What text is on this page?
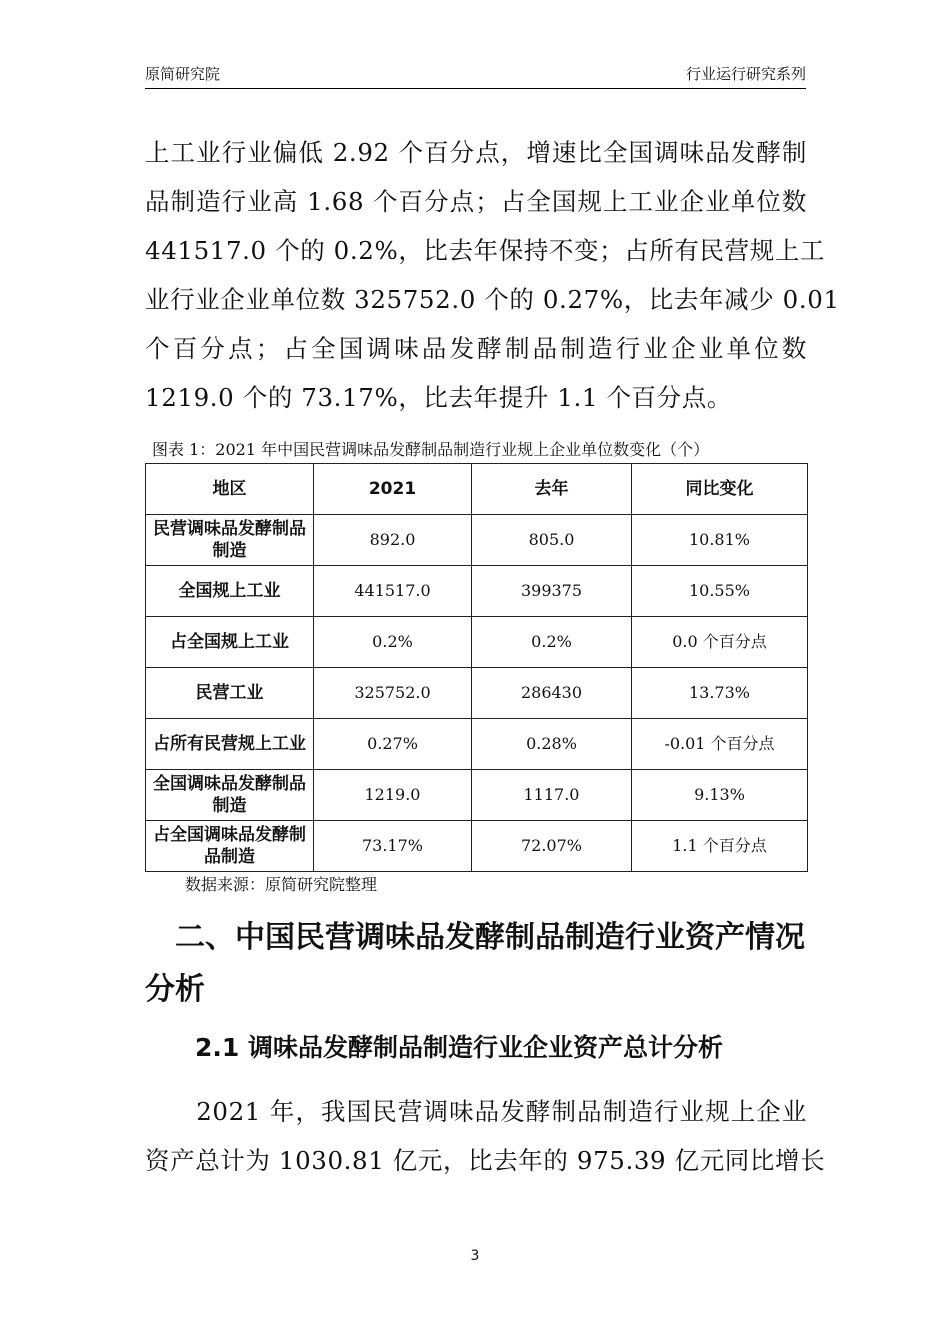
原简研究院	行业运行研究系列

上工业行业偏低 2.92 个百分点，增速比全国调味品发酵制
品制造行业高 1.68 个百分点；占全国规上工业企业单位数
441517.0 个的 0.2%，比去年保持不变；占所有民营规上工
业行业企业单位数 325752.0 个的 0.27%，比去年减少 0.01
个百分点；占全国调味品发酵制品制造行业企业单位数
1219.0 个的 73.17%，比去年提升 1.1 个百分点。

图表 1：2021 年中国民营调味品发酵制品制造行业规上企业单位数变化（个）
地区	2021	去年	同比变化
民营调味品发酵制品制造	892.0	805.0	10.81%
全国规上工业	441517.0	399375	10.55%
占全国规上工业	0.2%	0.2%	0.0 个百分点
民营工业	325752.0	286430	13.73%
占所有民营规上工业	0.27%	0.28%	-0.01 个百分点
全国调味品发酵制品制造	1219.0	1117.0	9.13%
占全国调味品发酵制品制造	73.17%	72.07%	1.1 个百分点
数据来源：原简研究院整理
　二、中国民营调味品发酵制品制造行业资产情况
分析
2.1 调味品发酵制品制造行业企业资产总计分析

　　2021 年，我国民营调味品发酵制品制造行业规上企业
资产总计为 1030.81 亿元，比去年的 975.39 亿元同比增长

3
